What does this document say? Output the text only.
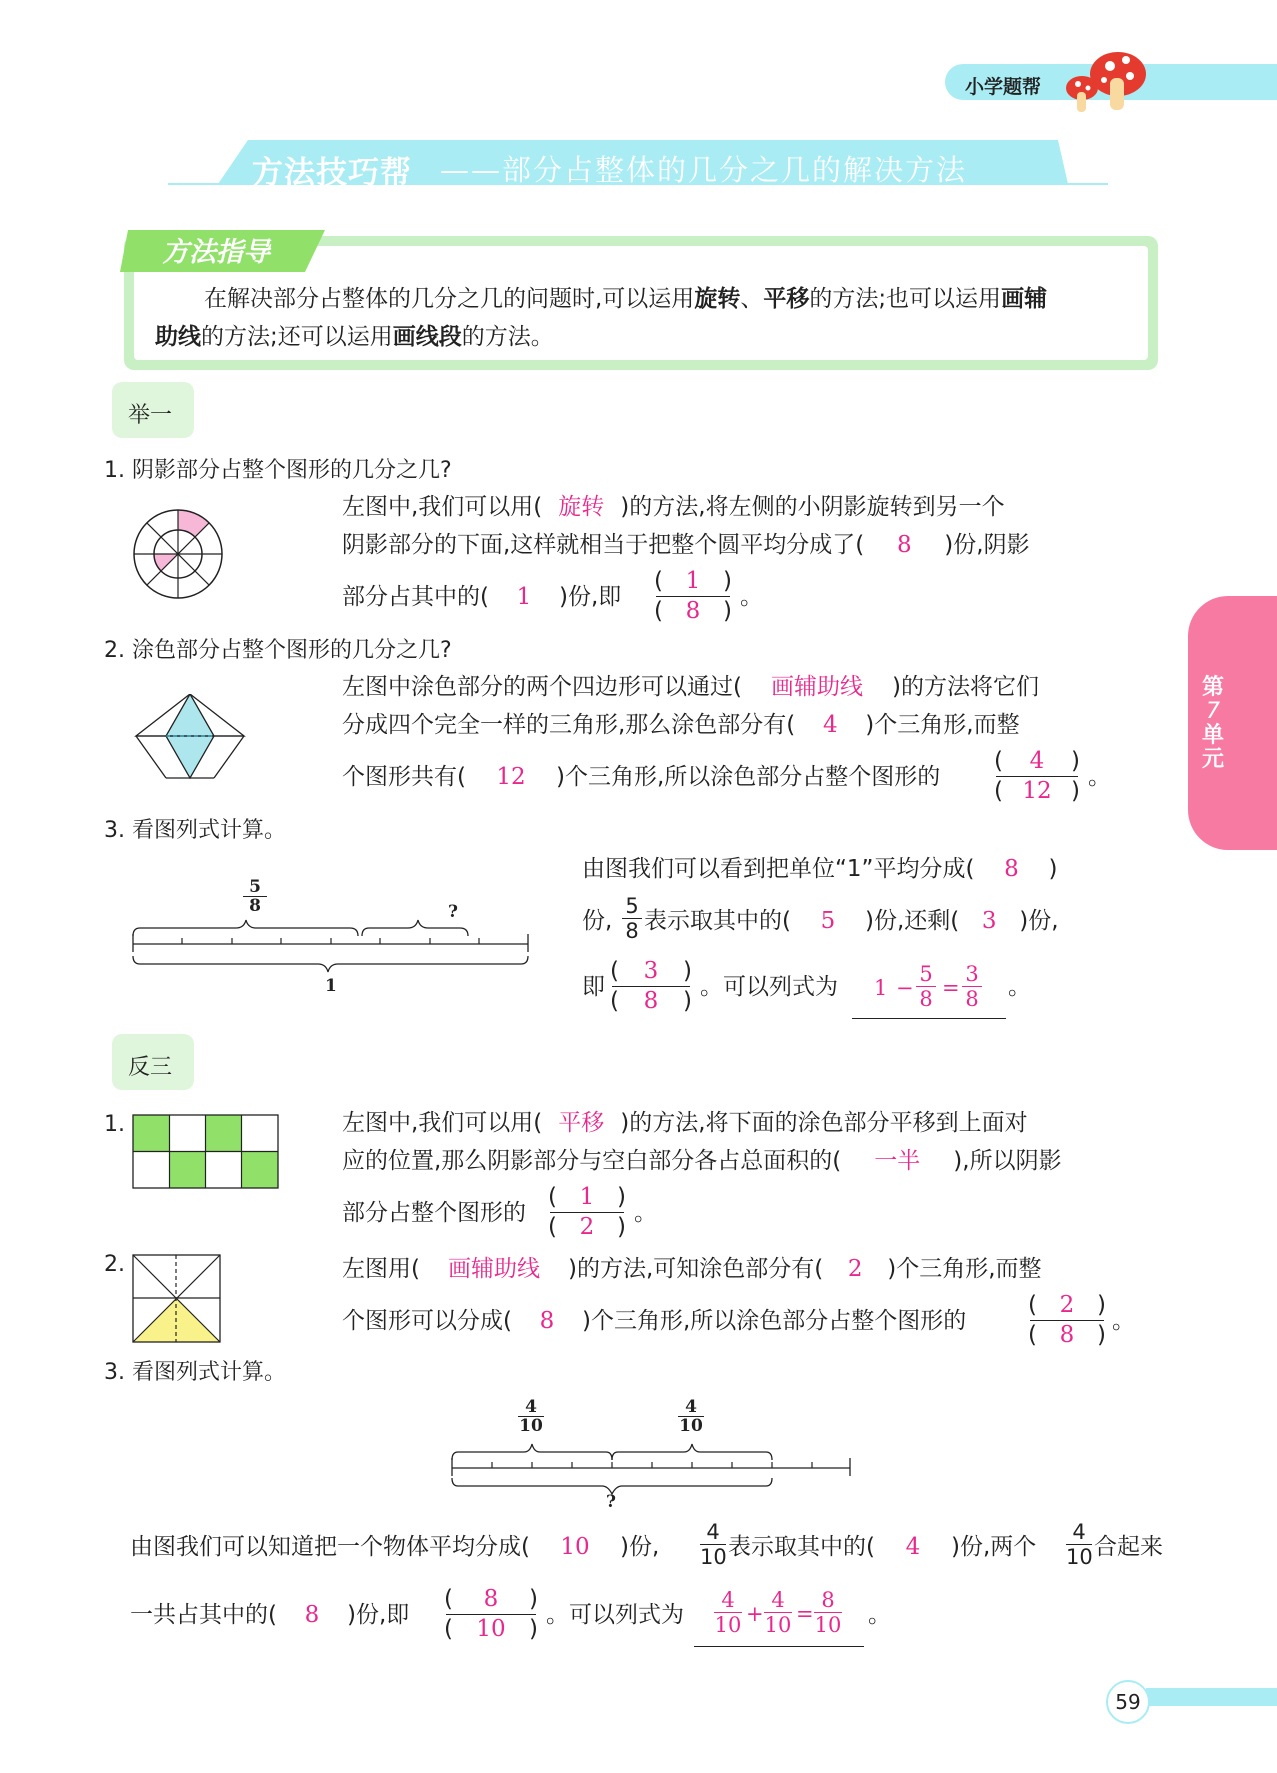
小学题帮
方法技巧帮 ——部分占整体的几分之几的解决方法
方法指导
在解决部分占整体的几分之几的问题时,可以运用旋转、平移的方法;也可以运用画辅
助线的方法;还可以运用画线段的方法。
举一
1. 阴影部分占整个图形的几分之几?
左图中,我们可以用( 旋转 )的方法,将左侧的小阴影旋转到另一个
阴影部分的下面,这样就相当于把整个圆平均分成了( 8 )份,阴影
部分占其中的( 1 )份,即
( 1 )
( 8 )
。
2. 涂色部分占整个图形的几分之几?
左图中涂色部分的两个四边形可以通过( 画辅助线 )的方法将它们
分成四个完全一样的三角形,那么涂色部分有( 4 )个三角形,而整
个图形共有( 12 )个三角形,所以涂色部分占整个图形的
( 4 )
( 12 )
。
3. 看图列式计算。
5
8	?
1
由图我们可以看到把单位“1”平均分成( 8 )
份,
5
8 表示取其中的( 5 )份,还剩( 3 )份,
即
( 3 )
( 8 )
。可以列式为 1 −
5
8 =
3
8 。
反三
1.	左图中,我们可以用( 平移 )的方法,将下面的涂色部分平移到上面对
应的位置,那么阴影部分与空白部分各占总面积的( 一半 ),所以阴影
部分占整个图形的
( 1 )
( 2 )
。
2.	左图用( 画辅助线 )的方法,可知涂色部分有( 2 )个三角形,而整
个图形可以分成( 8 )个三角形,所以涂色部分占整个图形的
( 2 )
( 8 )
。
3. 看图列式计算。
4
10
4
10
?
由图我们可以知道把一个物体平均分成( 10 )份,
4
10 表示取其中的( 4 )份,两个
4
10 合起来
一共占其中的( 8 )份,即
( 8 )
( 10 )
。可以列式为
4
10 +
4
10 =
8
10 。
第
7
单
元
59
